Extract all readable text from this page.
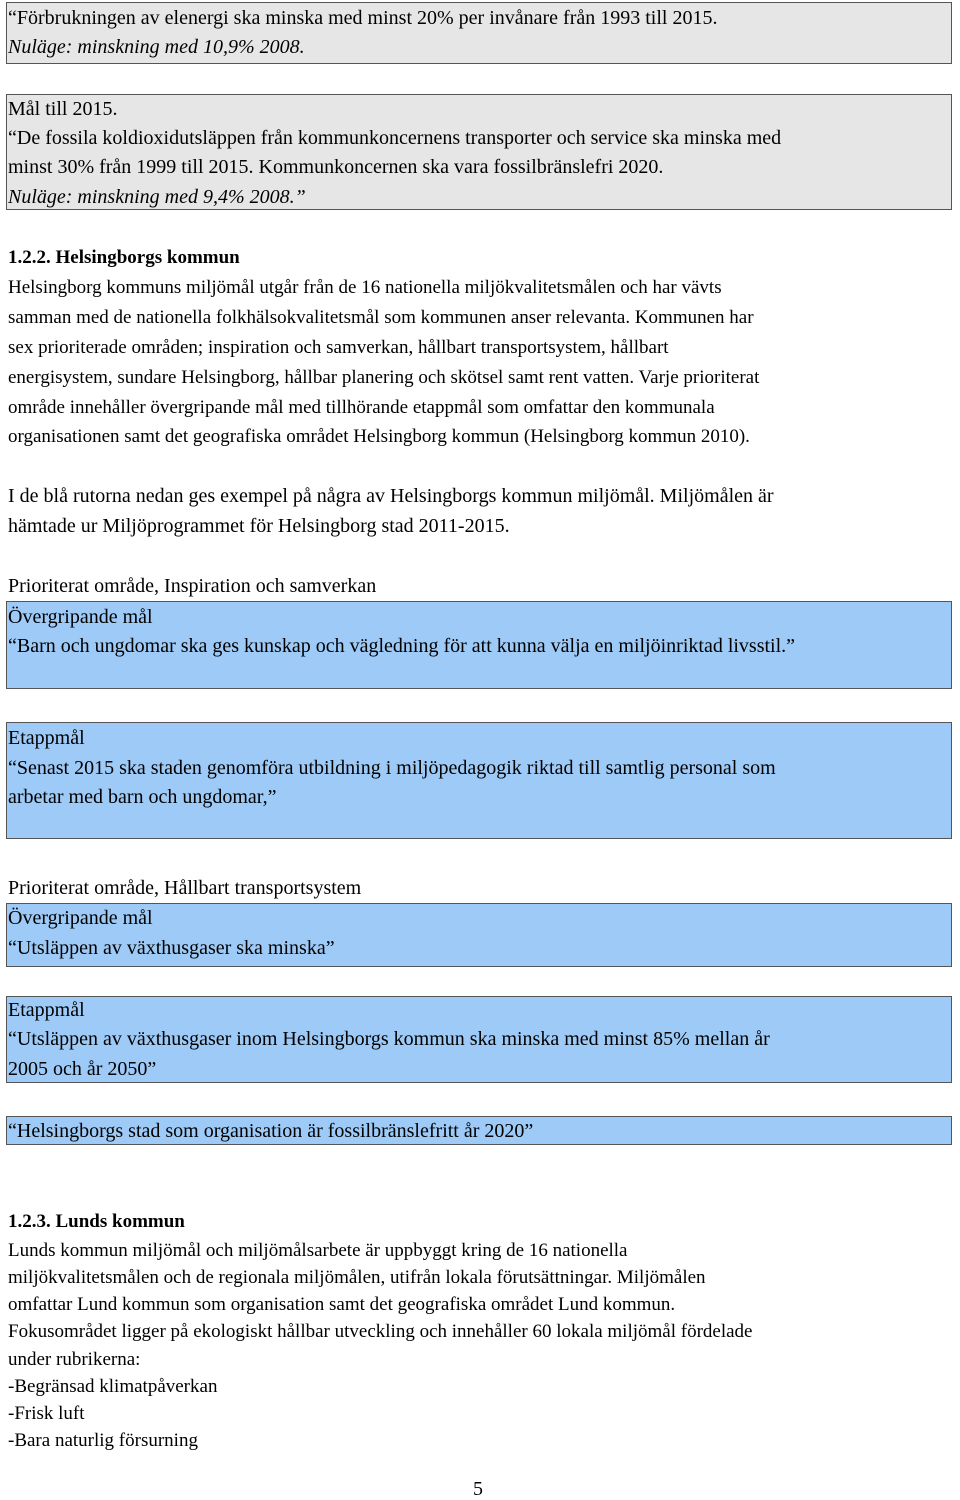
“Förbrukningen av elenergi ska minska med minst 20% per invånare från 1993 till 2015.
Nuläge: minskning med 10,9% 2008.
Mål till 2015.
“De fossila koldioxidutsläppen från kommunkoncernens transporter och service ska minska med
minst 30% från 1999 till 2015. Kommunkoncernen ska vara fossilbränslefri 2020.
Nuläge: minskning med 9,4% 2008.”
1.2.2. Helsingborgs kommun
Helsingborg kommuns miljömål utgår från de 16 nationella miljökvalitetsmålen och har vävts
samman med de nationella folkhälsokvalitetsmål som kommunen anser relevanta. Kommunen har
sex prioriterade områden; inspiration och samverkan, hållbart transportsystem, hållbart
energisystem, sundare Helsingborg, hållbar planering och skötsel samt rent vatten. Varje prioriterat
område innehåller övergripande mål med tillhörande etappmål som omfattar den kommunala
organisationen samt det geografiska området Helsingborg kommun (Helsingborg kommun 2010).
I de blå rutorna nedan ges exempel på några av Helsingborgs kommun miljömål. Miljömålen är
hämtade ur Miljöprogrammet för Helsingborg stad 2011-2015.
Prioriterat område, Inspiration och samverkan
Övergripande mål
“Barn och ungdomar ska ges kunskap och vägledning för att kunna välja en miljöinriktad livsstil.”
Etappmål
“Senast 2015 ska staden genomföra utbildning i miljöpedagogik riktad till samtlig personal som
arbetar med barn och ungdomar,”
Prioriterat område, Hållbart transportsystem
Övergripande mål
“Utsläppen av växthusgaser ska minska”
Etappmål
“Utsläppen av växthusgaser inom Helsingborgs kommun ska minska med minst 85% mellan år
2005 och år 2050”
“Helsingborgs stad som organisation är fossilbränslefritt år 2020”
1.2.3. Lunds kommun
Lunds kommun miljömål och miljömålsarbete är uppbyggt kring de 16 nationella
miljökvalitetsmålen och de regionala miljömålen, utifrån lokala förutsättningar. Miljömålen
omfattar Lund kommun som organisation samt det geografiska området Lund kommun.
Fokusområdet ligger på ekologiskt hållbar utveckling och innehåller 60 lokala miljömål fördelade
under rubrikerna:
-Begränsad klimatpåverkan
-Frisk luft
-Bara naturlig försurning
5
